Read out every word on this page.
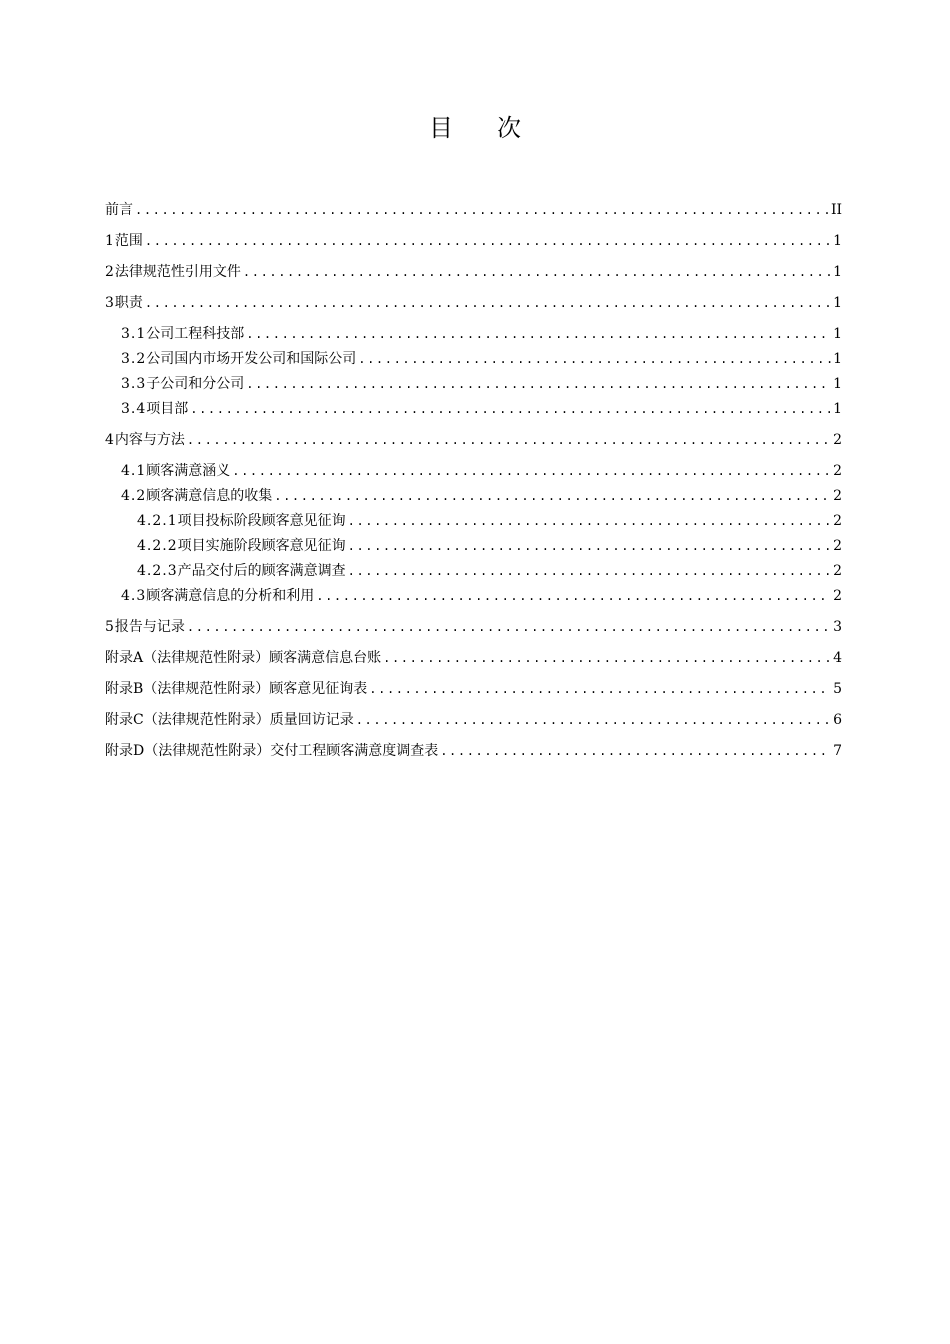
目 次
前言 .....	II
1 范围 .....	1
2 法律规范性引用文件 .....	1
3 职责 .....	1
3.1 公司工程科技部 .....	1
3.2 公司国内市场开发公司和国际公司 .....	1
3.3 子公司和分公司 .....	1
3.4 项目部 .....	1
4 内容与方法 .....	2
4.1 顾客满意涵义 .....	2
4.2 顾客满意信息的收集 .....	2
4.2.1 项目投标阶段顾客意见征询 .....	2
4.2.2 项目实施阶段顾客意见征询 .....	2
4.2.3 产品交付后的顾客满意调查 .....	2
4.3 顾客满意信息的分析和利用 .....	2
5 报告与记录 .....	3
附录A（法律规范性附录） 顾客满意信息台账 .....	4
附录B（法律规范性附录） 顾客意见征询表 .....	5
附录C（法律规范性附录） 质量回访记录 .....	6
附录D（法律规范性附录） 交付工程顾客满意度调查表 .....	7
